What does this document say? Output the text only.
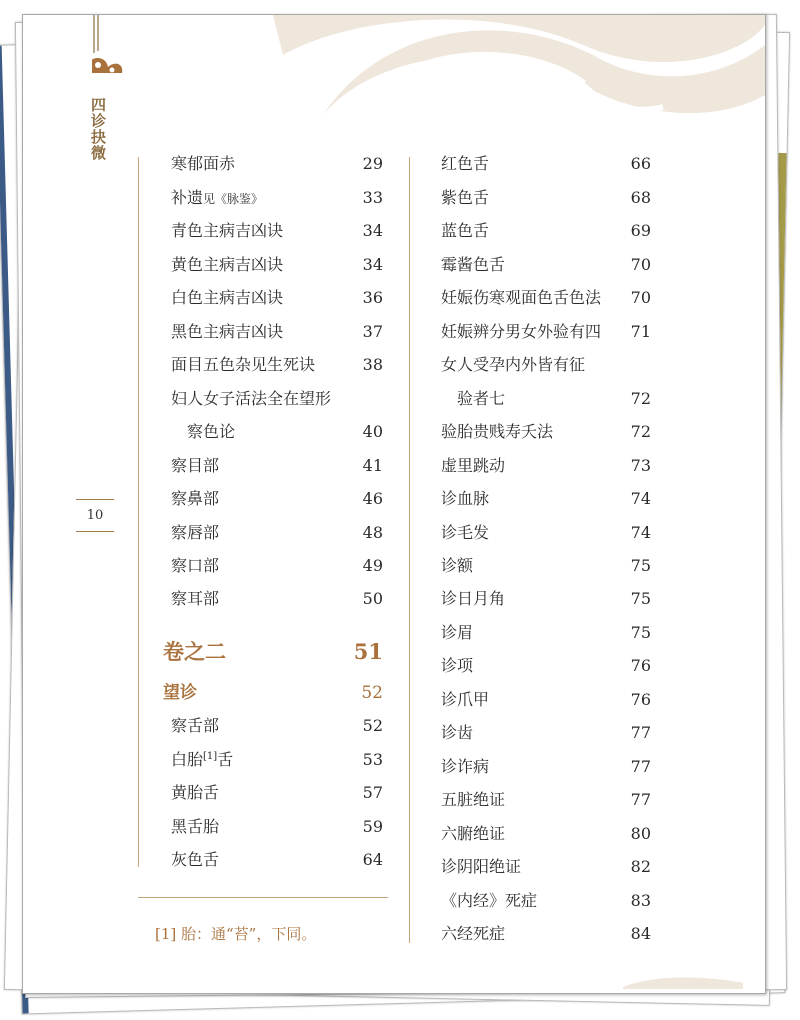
四诊抉微
10
寒郁面赤	29
补遗见《脉鉴》	33
青色主病吉凶诀	34
黄色主病吉凶诀	34
白色主病吉凶诀	36
黑色主病吉凶诀	37
面目五色杂见生死诀	38
妇人女子活法全在望形
察色论	40
察目部	41
察鼻部	46
察唇部	48
察口部	49
察耳部	50
卷之二	51
望诊	52
察舌部	52
白胎[1]舌	53
黄胎舌	57
黑舌胎	59
灰色舌	64
[1] 胎：通“苔”，下同。
红色舌	66
紫色舌	68
蓝色舌	69
霉酱色舌	70
妊娠伤寒观面色舌色法 70
妊娠辨分男女外验有四 71
女人受孕内外皆有征
验者七	72
验胎贵贱寿夭法	72
虚里跳动	73
诊血脉	74
诊毛发	74
诊额	75
诊日月角	75
诊眉	75
诊项	76
诊爪甲	76
诊齿	77
诊诈病	77
五脏绝证	77
六腑绝证	80
诊阴阳绝证	82
《内经》死症	83
六经死症	84
